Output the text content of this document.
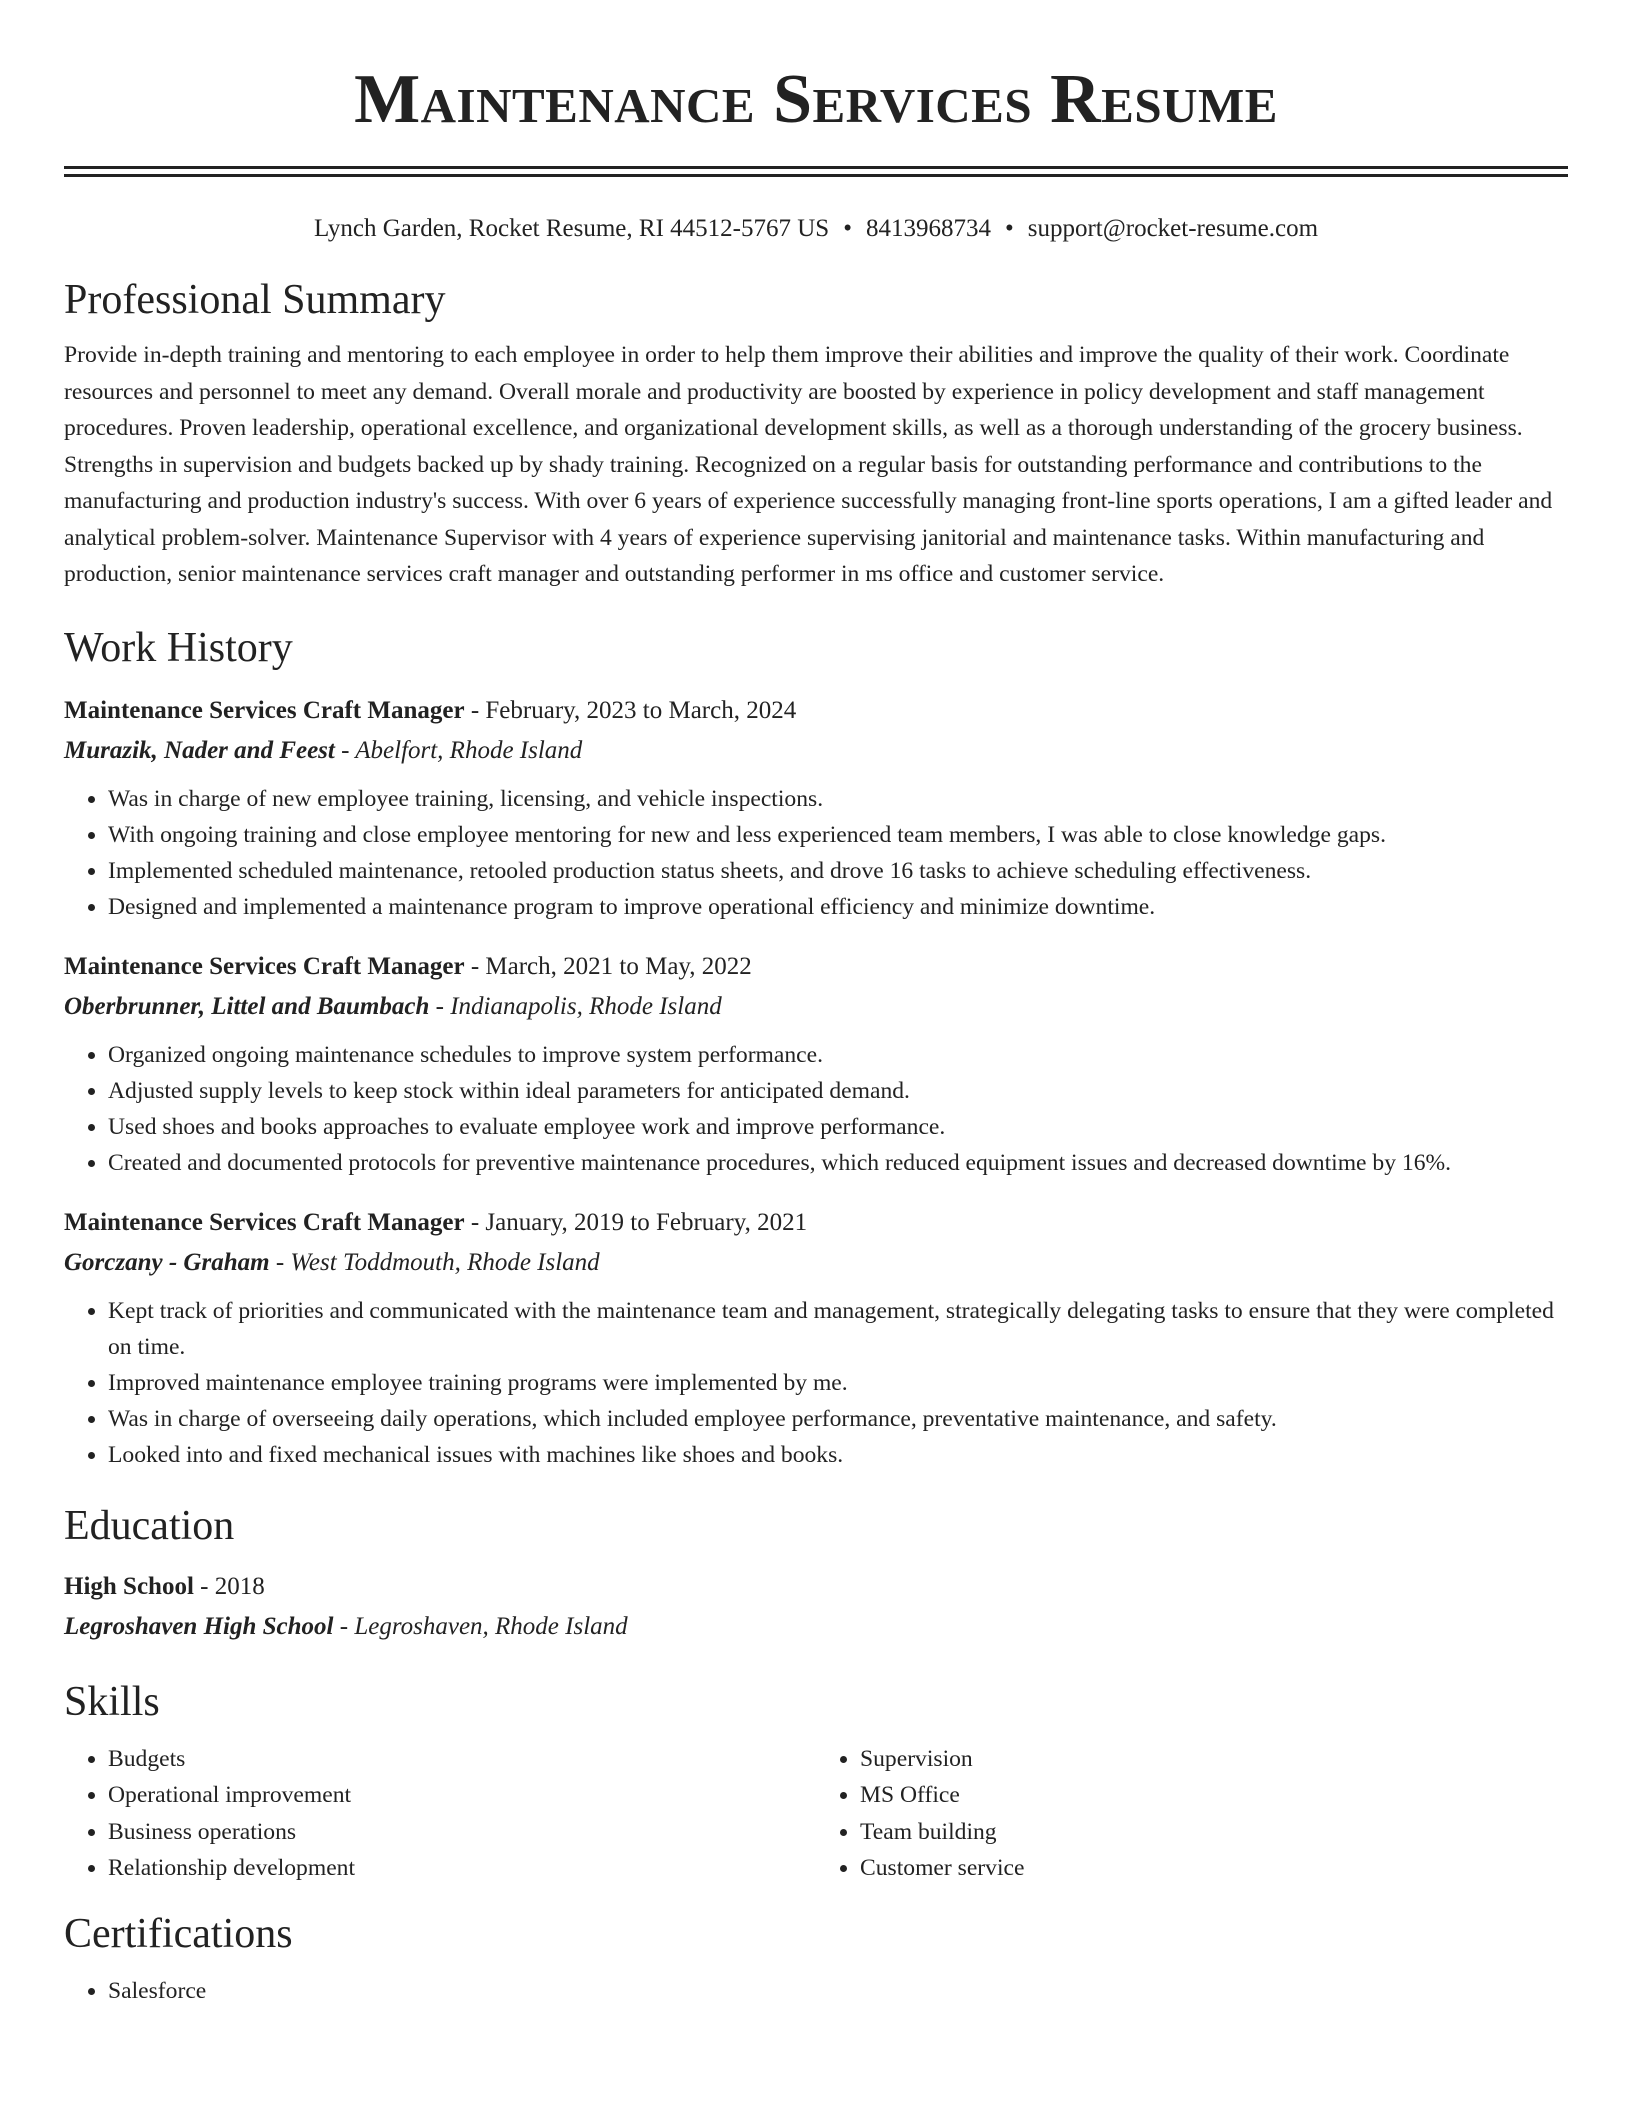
Maintenance Services Resume
Lynch Garden, Rocket Resume, RI 44512-5767 US • 8413968734 • support@rocket-resume.com
Professional Summary

Provide in-depth training and mentoring to each employee in order to help them improve their abilities and improve the quality of their work. Coordinate resources and personnel to meet any demand. Overall morale and productivity are boosted by experience in policy development and staff management procedures. Proven leadership, operational excellence, and organizational development skills, as well as a thorough understanding of the grocery business. Strengths in supervision and budgets backed up by shady training. Recognized on a regular basis for outstanding performance and contributions to the manufacturing and production industry's success. With over 6 years of experience successfully managing front-line sports operations, I am a gifted leader and analytical problem-solver. Maintenance Supervisor with 4 years of experience supervising janitorial and maintenance tasks. Within manufacturing and production, senior maintenance services craft manager and outstanding performer in ms office and customer service.

Work History
Maintenance Services Craft Manager - February, 2023 to March, 2024
Murazik, Nader and Feest - Abelfort, Rhode Island
• Was in charge of new employee training, licensing, and vehicle inspections.
• With ongoing training and close employee mentoring for new and less experienced team members, I was able to close knowledge gaps.
• Implemented scheduled maintenance, retooled production status sheets, and drove 16 tasks to achieve scheduling effectiveness.
• Designed and implemented a maintenance program to improve operational efficiency and minimize downtime.
Maintenance Services Craft Manager - March, 2021 to May, 2022
Oberbrunner, Littel and Baumbach - Indianapolis, Rhode Island
• Organized ongoing maintenance schedules to improve system performance.
• Adjusted supply levels to keep stock within ideal parameters for anticipated demand.
• Used shoes and books approaches to evaluate employee work and improve performance.
• Created and documented protocols for preventive maintenance procedures, which reduced equipment issues and decreased downtime by 16%.
Maintenance Services Craft Manager - January, 2019 to February, 2021
Gorczany - Graham - West Toddmouth, Rhode Island
• Kept track of priorities and communicated with the maintenance team and management, strategically delegating tasks to ensure that they were completed on time.
• Improved maintenance employee training programs were implemented by me.
• Was in charge of overseeing daily operations, which included employee performance, preventative maintenance, and safety.
• Looked into and fixed mechanical issues with machines like shoes and books.
Education
High School - 2018
Legroshaven High School - Legroshaven, Rhode Island
Skills
• Budgets
• Operational improvement
• Business operations
• Relationship development
• Supervision
• MS Office
• Team building
• Customer service
Certifications
• Salesforce
